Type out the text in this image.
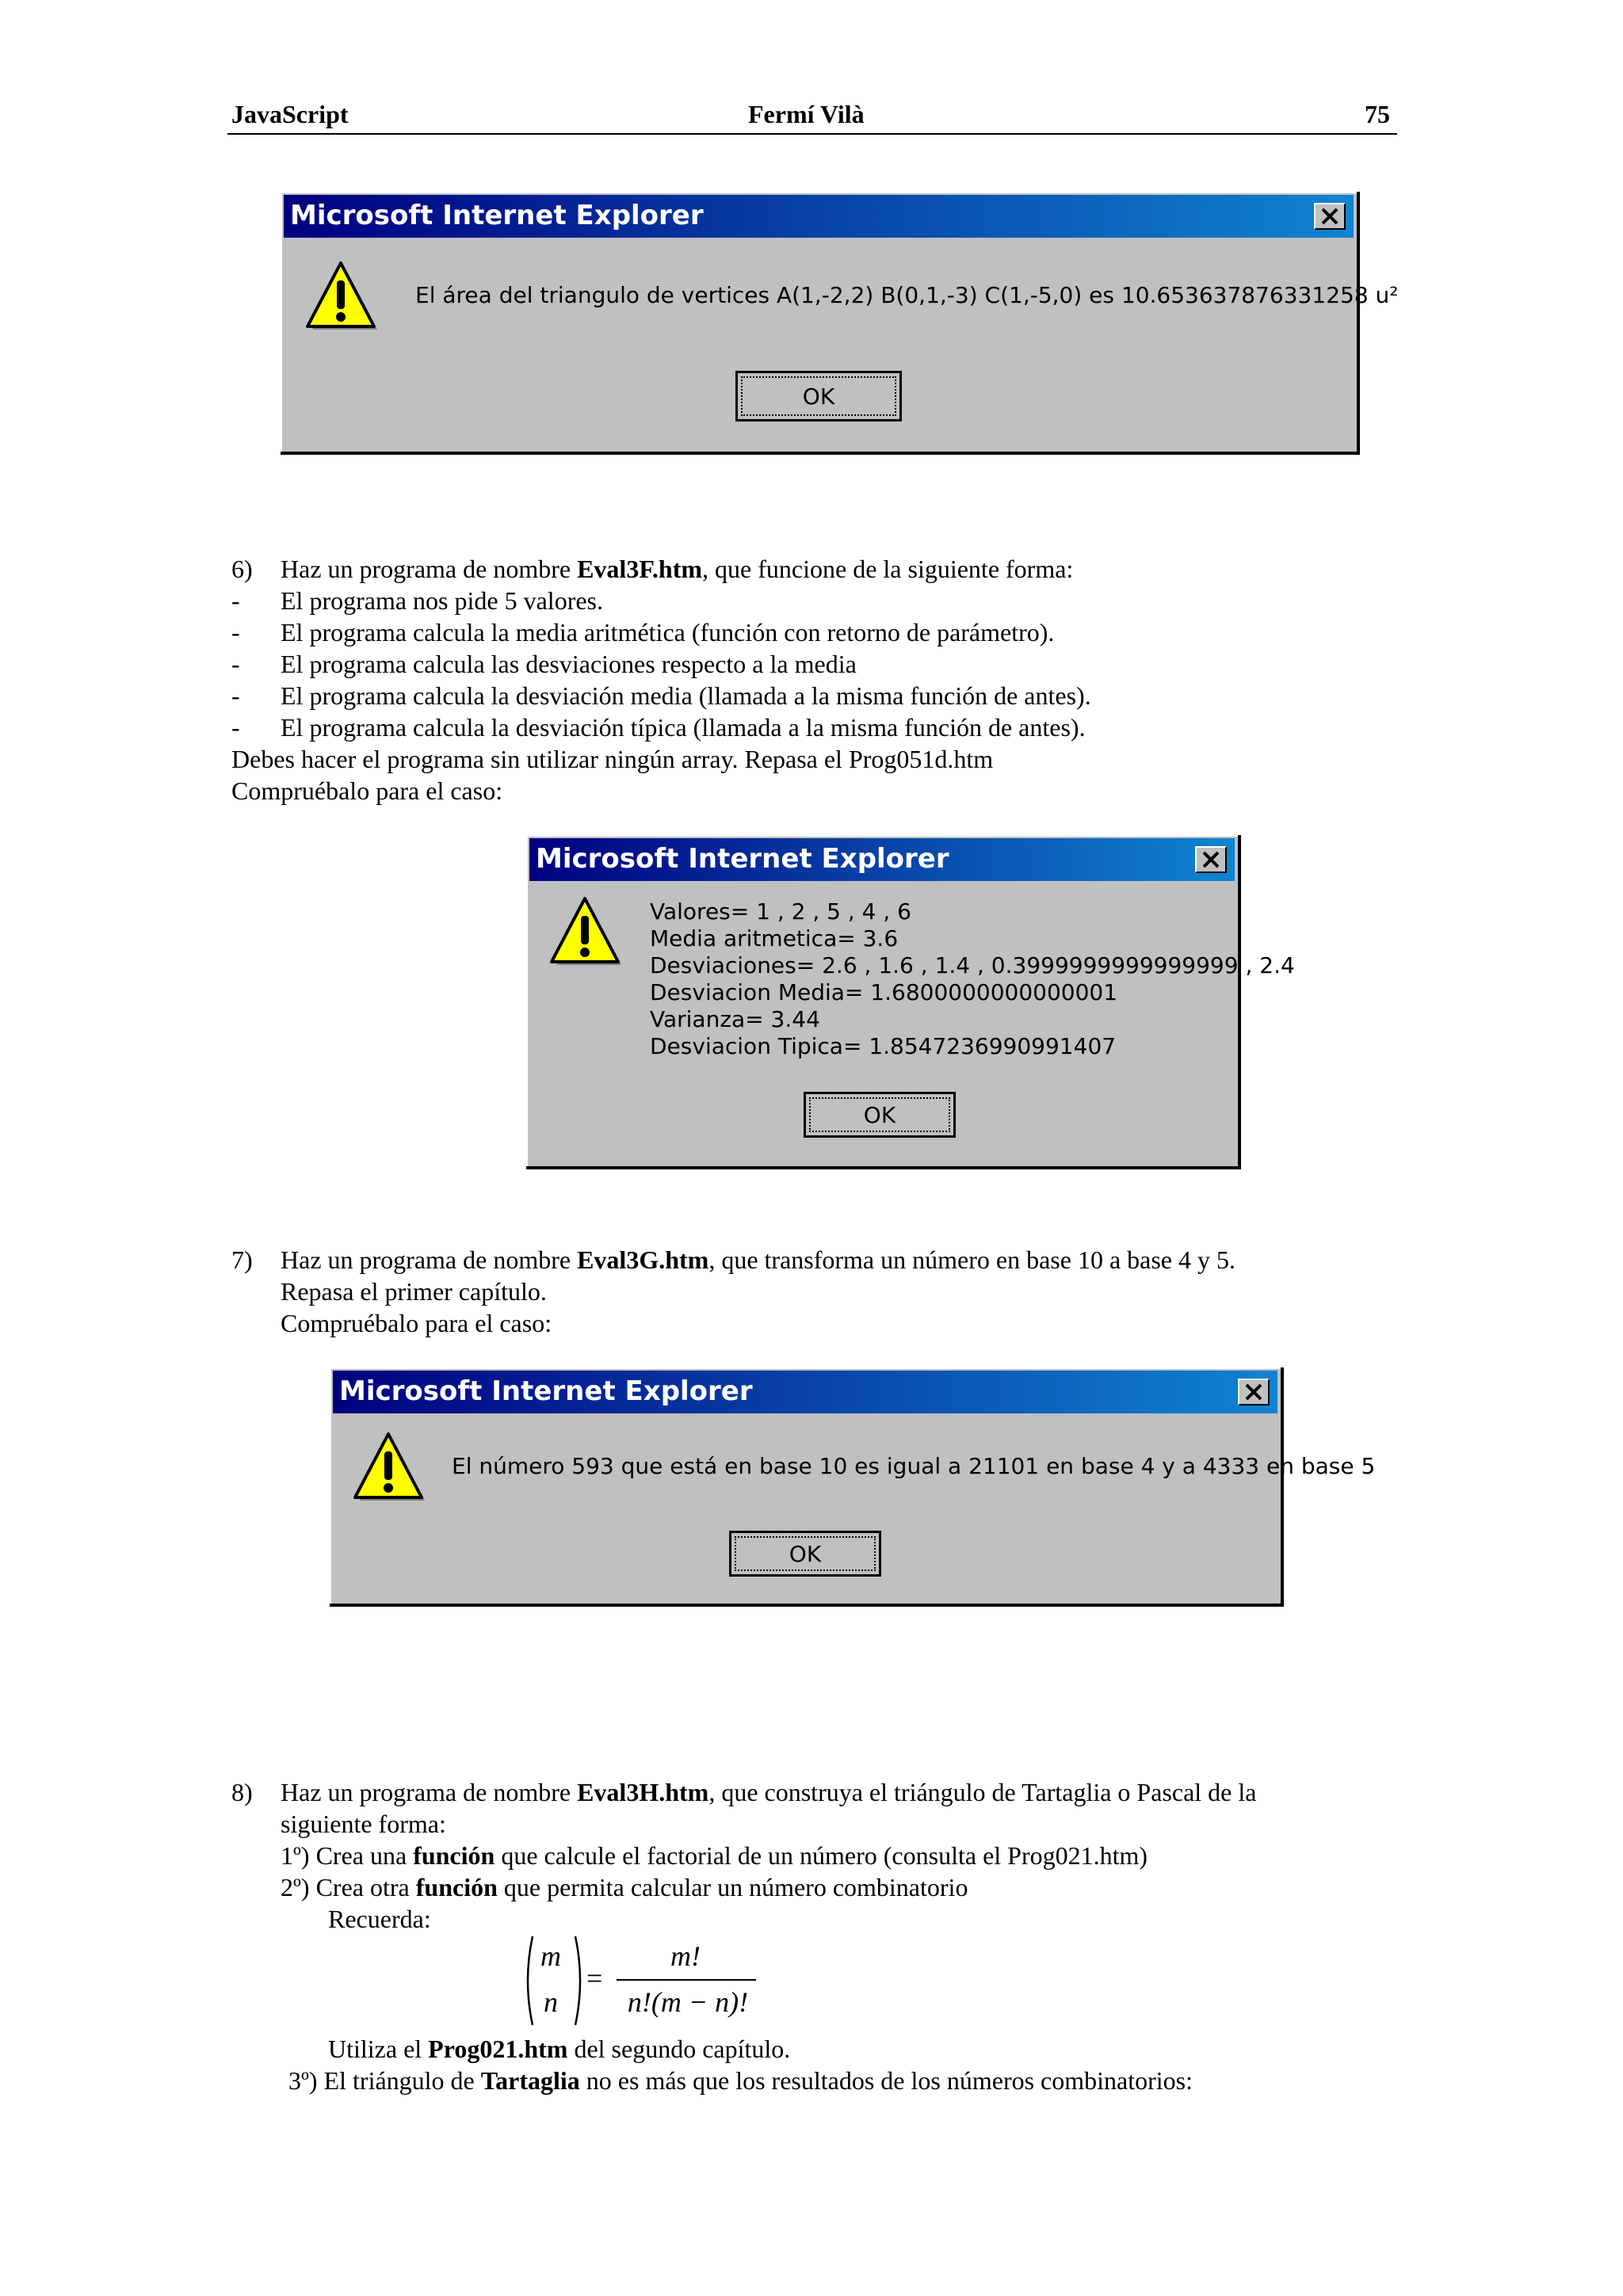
JavaScript	Fermí Vilà	75
Microsoft Internet Explorer
El área del triangulo de vertices A(1,-2,2) B(0,1,-3) C(1,-5,0) es 10.653637876331258 u²
OK
6) Haz un programa de nombre Eval3F.htm, que funcione de la siguiente forma:
- El programa nos pide 5 valores.
- El programa calcula la media aritmética (función con retorno de parámetro).
- El programa calcula las desviaciones respecto a la media
- El programa calcula la desviación media (llamada a la misma función de antes).
- El programa calcula la desviación típica (llamada a la misma función de antes).
Debes hacer el programa sin utilizar ningún array. Repasa el Prog051d.htm
Compruébalo para el caso:
Microsoft Internet Explorer
Valores= 1 , 2 , 5 , 4 , 6
Media aritmetica= 3.6
Desviaciones= 2.6 , 1.6 , 1.4 , 0.3999999999999999 , 2.4
Desviacion Media= 1.6800000000000001
Varianza= 3.44
Desviacion Tipica= 1.8547236990991407
OK
7) Haz un programa de nombre Eval3G.htm, que transforma un número en base 10 a base 4 y 5.
Repasa el primer capítulo.
Compruébalo para el caso:
Microsoft Internet Explorer
El número 593 que está en base 10 es igual a 21101 en base 4 y a 4333 en base 5
OK
8) Haz un programa de nombre Eval3H.htm, que construya el triángulo de Tartaglia o Pascal de la
siguiente forma:
1º) Crea una función que calcule el factorial de un número (consulta el Prog021.htm)
2º) Crea otra función que permita calcular un número combinatorio
Recuerda:
m
n
=
m!
n!(m − n)!
Utiliza el Prog021.htm del segundo capítulo.
3º) El triángulo de Tartaglia no es más que los resultados de los números combinatorios:
